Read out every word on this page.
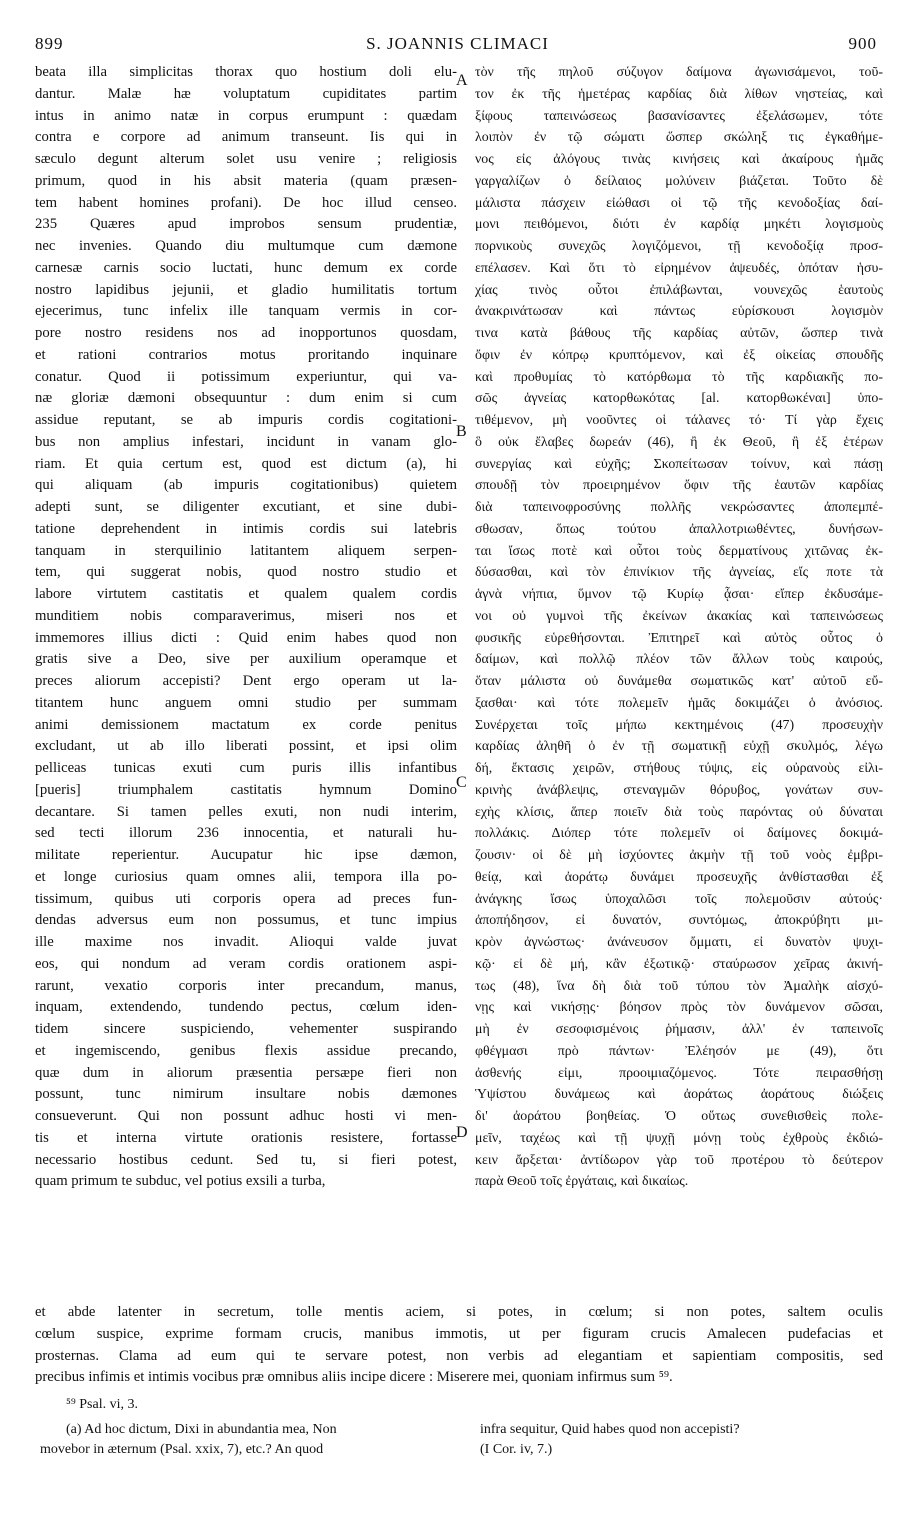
899	S. JOANNIS CLIMACI	900
beata illa simplicitas thorax quo hostium doli elu-
dantur. Malæ hæ voluptatum cupiditates partim
intus in animo natæ in corpus erumpunt : quædam
contra e corpore ad animum transeunt. Iis qui in
sæculo degunt alterum solet usu venire ; religiosis
primum, quod in his absit materia (quam præsen-
tem habent homines profani). De hoc illud censeo.
235 Quæres apud improbos sensum prudentiæ,
nec invenies. Quando diu multumque cum dæmone
carnesæ carnis socio luctati, hunc demum ex corde
nostro lapidibus jejunii, et gladio humilitatis tortum
ejecerimus, tunc infelix ille tanquam vermis in cor-
pore nostro residens nos ad inopportunos quosdam,
et rationi contrarios motus proritando inquinare
conatur. Quod ii potissimum experiuntur, qui va-
næ gloriæ dæmoni obsequuntur : dum enim si cum
assidue reputant, se ab impuris cordis cogitationi-
bus non amplius infestari, incidunt in vanam glo-
riam. Et quia certum est, quod est dictum (a), hi
qui aliquam (ab impuris cogitationibus) quietem
adepti sunt, se diligenter excutiant, et sine dubi-
tatione deprehendent in intimis cordis sui latebris
tanquam in sterquilinio latitantem aliquem serpen-
tem, qui suggerat nobis, quod nostro studio et
labore virtutem castitatis et qualem qualem cordis
munditiem nobis comparaverimus, miseri nos et
immemores illius dicti : Quid enim habes quod non
gratis sive a Deo, sive per auxilium operamque et
preces aliorum accepisti? Dent ergo operam ut la-
titantem hunc anguem omni studio per summam
animi demissionem mactatum ex corde penitus
excludant, ut ab illo liberati possint, et ipsi olim
pelliceas tunicas exuti cum puris illis infantibus
[pueris] triumphalem castitatis hymnum Domino
decantare. Si tamen pelles exuti, non nudi interim,
sed tecti illorum 236 innocentia, et naturali hu-
militate reperientur. Aucupatur hic ipse dæmon,
et longe curiosius quam omnes alii, tempora illa po-
tissimum, quibus uti corporis opera ad preces fun-
dendas adversus eum non possumus, et tunc impius
ille maxime nos invadit. Alioqui valde juvat
eos, qui nondum ad veram cordis orationem aspi-
rarunt, vexatio corporis inter precandum, manus,
inquam, extendendo, tundendo pectus, cœlum iden-
tidem sincere suspiciendo, vehementer suspirando
et ingemiscendo, genibus flexis assidue precando,
quæ dum in aliorum præsentia persæpe fieri non
possunt, tunc nimirum insultare nobis dæmones
consueverunt. Qui non possunt adhuc hosti vi men-
tis et interna virtute orationis resistere, fortasse
necessario hostibus cedunt. Sed tu, si fieri potest,
quam primum te subduc, vel potius exsili a turba,
τὸν τῆς πηλοῦ σύζυγον δαίμονα ἀγωνισάμενοι, τοῦ-
τον ἐκ τῆς ἡμετέρας καρδίας διὰ λίθων νηστείας, καὶ
ξίφους ταπεινώσεως βασανίσαντες ἐξελάσωμεν, τότε
λοιπὸν ἐν τῷ σώματι ὥσπερ σκώληξ τις ἐγκαθήμε-
νος εἰς ἀλόγους τινὰς κινήσεις καὶ ἀκαίρους ἡμᾶς
γαργαλίζων ὁ δείλαιος μολύνειν βιάζεται. Τοῦτο δὲ
μάλιστα πάσχειν εἰώθασι οἱ τῷ τῆς κενοδοξίας δαί-
μονι πειθόμενοι, διότι ἐν καρδίᾳ μηκέτι λογισμοὺς
πορνικοὺς συνεχῶς λογιζόμενοι, τῇ κενοδοξίᾳ προσ-
επέλασεν. Καὶ ὅτι τὸ εἰρημένον ἀψευδές, ὁπόταν ἡσυ-
χίας τινὸς οὗτοι ἐπιλάβωνται, νουνεχῶς ἑαυτοὺς
ἀνακρινάτωσαν καὶ πάντως εὑρίσκουσι λογισμὸν
τινα κατὰ βάθους τῆς καρδίας αὐτῶν, ὥσπερ τινὰ
ὄφιν ἐν κόπρῳ κρυπτόμενον, καὶ ἐξ οἰκείας σπουδῆς
καὶ προθυμίας τὸ κατόρθωμα τὸ τῆς καρδιακῆς πο-
σῶς ἁγνείας κατορθωκότας [al. κατορθωκέναι] ὑπο-
τιθέμενον, μὴ νοοῦντες οἱ τάλανες τό· Τί γὰρ ἔχεις
ὃ οὐκ ἔλαβες δωρεάν (46), ἢ ἐκ Θεοῦ, ἢ ἐξ ἑτέρων
συνεργίας καὶ εὐχῆς; Σκοπείτωσαν τοίνυν, καὶ πάσῃ
σπουδῇ τὸν προειρημένον ὄφιν τῆς ἑαυτῶν καρδίας
διὰ ταπεινοφροσύνης πολλῆς νεκρώσαντες ἀποπεμπέ-
σθωσαν, ὅπως τούτου ἀπαλλοτριωθέντες, δυνήσων-
ται ἴσως ποτὲ καὶ οὗτοι τοὺς δερματίνους χιτῶνας ἐκ-
δύσασθαι, καὶ τὸν ἐπινίκιον τῆς ἁγνείας, εἴς ποτε τὰ
ἁγνὰ νήπια, ὕμνον τῷ Κυρίῳ ᾆσαι· εἴπερ ἐκδυσάμε-
νοι οὐ γυμνοὶ τῆς ἐκείνων ἀκακίας καὶ ταπεινώσεως
φυσικῆς εὑρεθήσονται. Ἐπιτηρεῖ καὶ αὐτὸς οὗτος ὁ
δαίμων, καὶ πολλῷ πλέον τῶν ἄλλων τοὺς καιρούς,
ὅταν μάλιστα οὐ δυνάμεθα σωματικῶς κατ' αὐτοῦ εὔ-
ξασθαι· καὶ τότε πολεμεῖν ἡμᾶς δοκιμάζει ὁ ἀνόσιος.
Συνέρχεται τοῖς μήπω κεκτημένοις (47) προσευχὴν
καρδίας ἀληθῆ ὁ ἐν τῇ σωματικῇ εὐχῇ σκυλμός, λέγω
δή, ἔκτασις χειρῶν, στήθους τύψις, εἰς οὐρανοὺς εἰλι-
κρινὴς ἀνάβλεψις, στεναγμῶν θόρυβος, γονάτων συν-
εχὴς κλίσις, ἅπερ ποιεῖν διὰ τοὺς παρόντας οὐ δύναται
πολλάκις. Διόπερ τότε πολεμεῖν οἱ δαίμονες δοκιμά-
ζουσιν· οἱ δὲ μὴ ἰσχύοντες ἀκμὴν τῇ τοῦ νοὸς ἐμβρι-
θείᾳ, καὶ ἀοράτῳ δυνάμει προσευχῆς ἀνθίστασθαι ἐξ
ἀνάγκης ἴσως ὑποχαλῶσι τοῖς πολεμοῦσιν αὐτούς·
ἀποπήδησον, εἰ δυνατόν, συντόμως, ἀποκρύβητι μι-
κρὸν ἀγνώστως· ἀνάνευσον ὄμματι, εἰ δυνατὸν ψυχι-
κῷ· εἰ δὲ μή, κἂν ἐξωτικῷ· σταύρωσον χεῖρας ἀκινή-
τως (48), ἵνα δὴ διὰ τοῦ τύπου τὸν Ἀμαλὴκ αἰσχύ-
νῃς καὶ νικήσῃς· βόησον πρὸς τὸν δυνάμενον σῶσαι,
μὴ ἐν σεσοφισμένοις ῥήμασιν, ἀλλ' ἐν ταπεινοῖς
φθέγμασι πρὸ πάντων· Ἐλέησόν με (49), ὅτι
ἀσθενής εἰμι, προοιμιαζόμενος. Τότε πειρασθήσῃ
Ὑψίστου δυνάμεως καὶ ἀοράτως ἀοράτους διώξεις
δι' ἀοράτου βοηθείας. Ὁ οὕτως συνεθισθεὶς πολε-
μεῖν, ταχέως καὶ τῇ ψυχῇ μόνῃ τοὺς ἐχθροὺς ἐκδιώ-
κειν ἄρξεται· ἀντίδωρον γὰρ τοῦ προτέρου τὸ δεύτερον
παρὰ Θεοῦ τοῖς ἐργάταις, καὶ δικαίως.
A
B
C
D
et abde latenter in secretum, tolle mentis aciem, si potes, in cœlum; si non potes, saltem oculis
cœlum suspice, exprime formam crucis, manibus immotis, ut per figuram crucis Amalecen pudefacias et
prosternas. Clama ad eum qui te servare potest, non verbis ad elegantiam et sapientiam compositis, sed
precibus infimis et intimis vocibus præ omnibus aliis incipe dicere : Miserere mei, quoniam infirmus sum ⁵⁹.
⁵⁹ Psal. vi, 3.
(a) Ad hoc dictum, Dixi in abundantia mea, Non
movebor in æternum (Psal. xxix, 7), etc.? An quod
infra sequitur, Quid habes quod non accepisti?
(I Cor. iv, 7.)
